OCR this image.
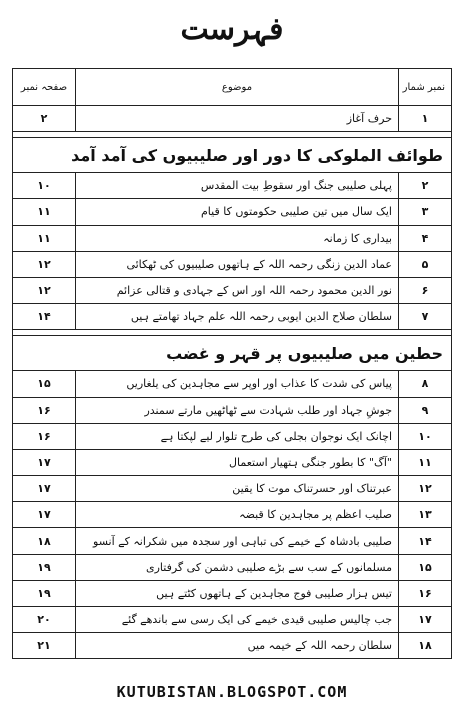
فہرست
نمبر شمار	موضوع	صفحہ نمبر
۱	حرف آغاز	۲

طوائف الملوکی کا دور اور صلیبیوں کی آمد آمد		
۲	پہلی صلیبی جنگ اور سقوطِ بیت المقدس	۱۰
۳	ایک سال میں تین صلیبی حکومتوں کا قیام	۱۱
۴	بیداری کا زمانہ	۱۱
۵	عماد الدین زنگی رحمہ اللہ کے ہاتھوں صلیبیوں کی ٹھکائی	۱۲
۶	نور الدین محمود رحمہ اللہ اور اس کے جہادی و قتالی عزائم	۱۲
۷	سلطان صلاح الدین ایوبی رحمہ اللہ علم جہاد تھامتے ہیں	۱۴

حطین میں صلیبیوں پر قہر و غضب		
۸	پیاس کی شدت کا عذاب اور اوپر سے مجاہدین کی یلغاریں	۱۵
۹	جوشِ جہاد اور طلب شہادت سے ٹھاٹھیں مارتے سمندر	۱۶
۱۰	اچانک ایک نوجوان بجلی کی طرح تلوار لیے لپکتا ہے	۱۶
۱۱	"آگ" کا بطور جنگی ہتھیار استعمال	۱۷
۱۲	عبرتناک اور حسرتناک موت کا یقین	۱۷
۱۳	صلیب اعظم پر مجاہدین کا قبضہ	۱۷
۱۴	صلیبی بادشاہ کے خیمے کی تباہی اور سجدہ میں شکرانہ کے آنسو	۱۸
۱۵	مسلمانوں کے سب سے بڑے صلیبی دشمن کی گرفتاری	۱۹
۱۶	تیس ہزار صلیبی فوج مجاہدین کے ہاتھوں کٹتے ہیں	۱۹
۱۷	جب چالیس صلیبی قیدی خیمے کی ایک رسی سے باندھے گئے	۲۰
۱۸	سلطان رحمہ اللہ کے خیمہ میں	۲۱
KUTUBISTAN.BLOGSPOT.COM
